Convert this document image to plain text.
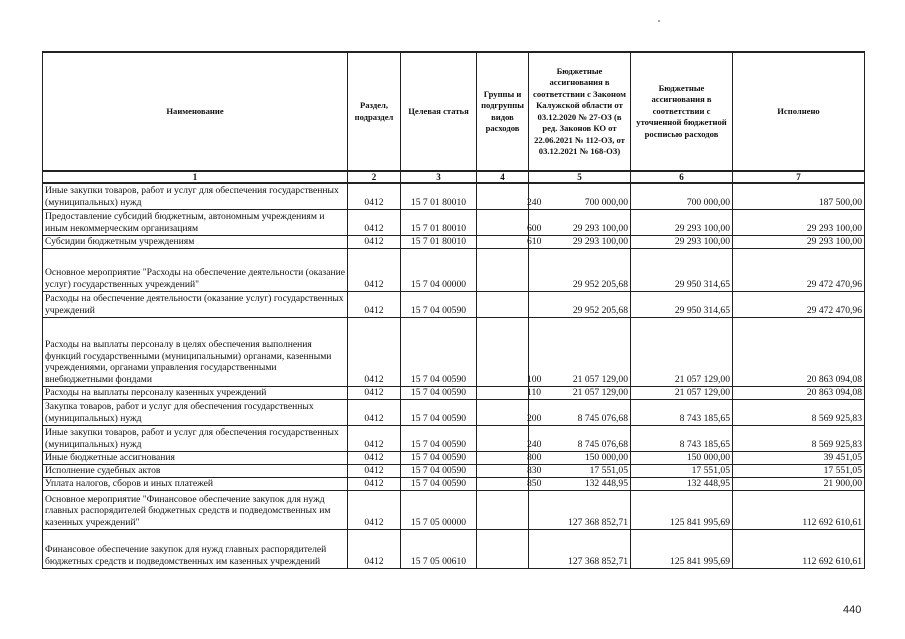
Наименование	Раздел, подраздел	Целевая статья	Группы и подгруппы видов расходов	Бюджетные ассигнования в соответствии с Законом Калужской области от 03.12.2020 № 27-ОЗ (в ред. Законов КО от 22.06.2021 № 112-ОЗ, от 03.12.2021 № 168-ОЗ)	Бюджетные ассигнования в соответствии с уточненной бюджетной росписью расходов	Исполнено
1	2	3	4	5	6	7
Иные закупки товаров, работ и услуг для обеспечения государственных (муниципальных) нужд	0412	15 7 01 80010	240	700 000,00	700 000,00	187 500,00
Предоставление субсидий бюджетным, автономным учреждениям и иным некоммерческим организациям	0412	15 7 01 80010	600	29 293 100,00	29 293 100,00	29 293 100,00
Субсидии бюджетным учреждениям	0412	15 7 01 80010	610	29 293 100,00	29 293 100,00	29 293 100,00
Основное мероприятие "Расходы на обеспечение деятельности (оказание услуг) государственных учреждений"	0412	15 7 04 00000		29 952 205,68	29 950 314,65	29 472 470,96
Расходы на обеспечение деятельности (оказание услуг) государственных учреждений	0412	15 7 04 00590		29 952 205,68	29 950 314,65	29 472 470,96
Расходы на выплаты персоналу в целях обеспечения выполнения функций государственными (муниципальными) органами, казенными учреждениями, органами управления государственными внебюджетными фондами	0412	15 7 04 00590	100	21 057 129,00	21 057 129,00	20 863 094,08
Расходы на выплаты персоналу казенных учреждений	0412	15 7 04 00590	110	21 057 129,00	21 057 129,00	20 863 094,08
Закупка товаров, работ и услуг для обеспечения государственных (муниципальных) нужд	0412	15 7 04 00590	200	8 745 076,68	8 743 185,65	8 569 925,83
Иные закупки товаров, работ и услуг для обеспечения государственных (муниципальных) нужд	0412	15 7 04 00590	240	8 745 076,68	8 743 185,65	8 569 925,83
Иные бюджетные ассигнования	0412	15 7 04 00590	800	150 000,00	150 000,00	39 451,05
Исполнение судебных актов	0412	15 7 04 00590	830	17 551,05	17 551,05	17 551,05
Уплата налогов, сборов и иных платежей	0412	15 7 04 00590	850	132 448,95	132 448,95	21 900,00
Основное мероприятие "Финансовое обеспечение закупок для нужд главных распорядителей бюджетных средств и подведомственных им казенных учреждений"	0412	15 7 05 00000		127 368 852,71	125 841 995,69	112 692 610,61
Финансовое обеспечение закупок для нужд главных распорядителей бюджетных средств и подведомственных им казенных учреждений	0412	15 7 05 00610		127 368 852,71	125 841 995,69	112 692 610,61
440
